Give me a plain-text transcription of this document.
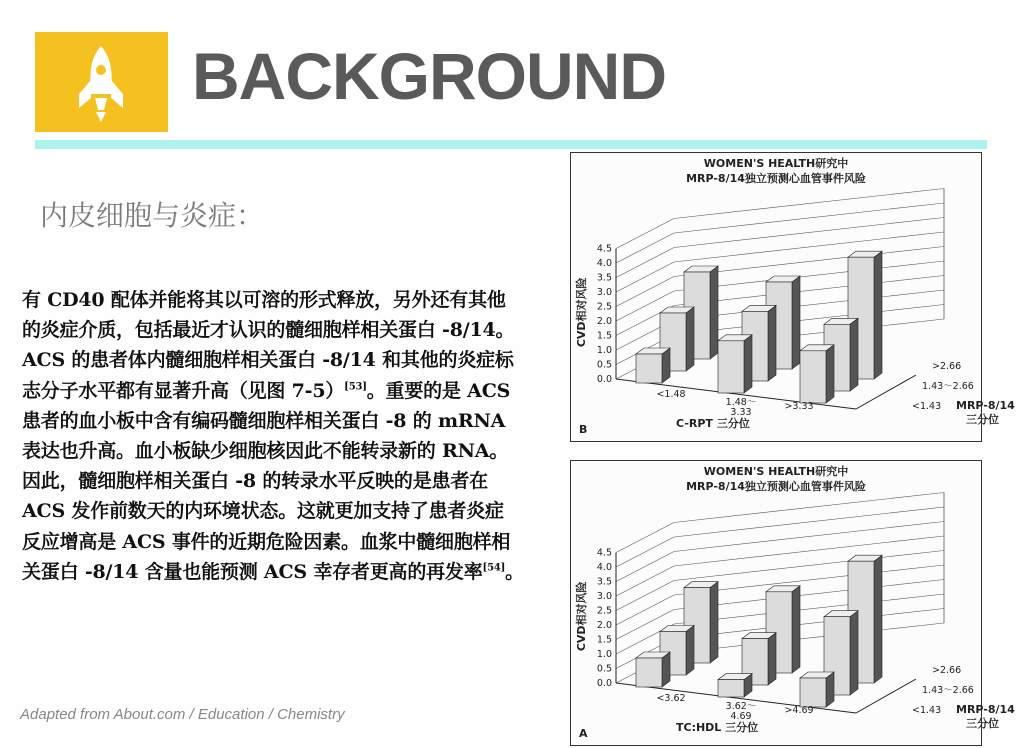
BACKGROUND
内皮细胞与炎症：
有 CD40 配体并能将其以可溶的形式释放，另外还有其他
的炎症介质，包括最近才认识的髓细胞样相关蛋白 -8/14。
ACS 的患者体内髓细胞样相关蛋白 -8/14 和其他的炎症标
志分子水平都有显著升高（见图 7-5）[53]。重要的是 ACS
患者的血小板中含有编码髓细胞样相关蛋白 -8 的 mRNA
表达也升高。血小板缺少细胞核因此不能转录新的 RNA。
因此，髓细胞样相关蛋白 -8 的转录水平反映的是患者在
ACS 发作前数天的内环境状态。这就更加支持了患者炎症
反应增高是 ACS 事件的近期危险因素。血浆中髓细胞样相
关蛋白 -8/14 含量也能预测 ACS 幸存者更高的再发率[54]。
Adapted from About.com / Education / Chemistry
WOMEN'S HEALTH研究中
MRP-8/14独立预测心血管事件风险
4.5
4.0
3.5
3.0
2.5
2.0
1.5
1.0
0.5
0.0
CVD相对风险
<1.48
1.48～
3.33
>3.33
C-RPT 三分位
B
>2.66
1.43～2.66
<1.43 MRP-8/14
三分位
WOMEN'S HEALTH研究中
MRP-8/14独立预测心血管事件风险
4.5
4.0
3.5
3.0
2.5
2.0
1.5
1.0
0.5
0.0
CVD相对风险
<3.62
3.62～
4.69
>4.69
TC:HDL 三分位
A
>2.66
1.43～2.66
<1.43 MRP-8/14
三分位
